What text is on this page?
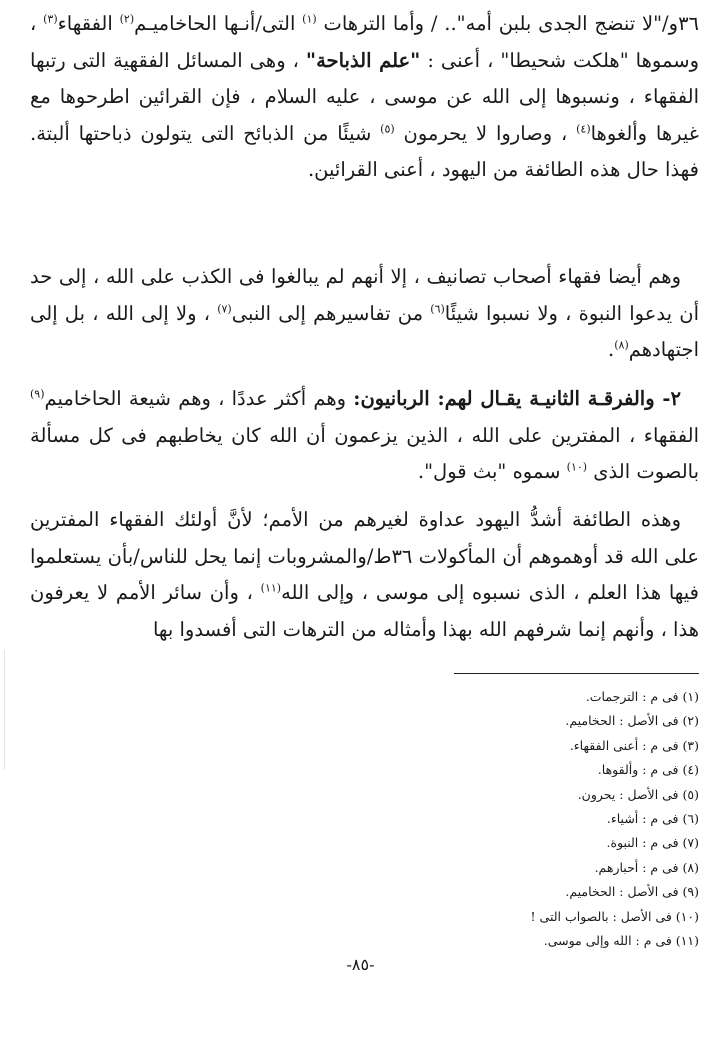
٣٦و/"لا تنضج الجدى بلبن أمه".. / وأما الترهات $^{(١)}$ التى/أنـها الحاخاميـم$^{(٢)}$ الفقهاء$^{(٣)}$ ، وسموها "هلكت شحيطا" ، أعنى : "علم الذباحة" ، وهى المسائل الفقهية التى رتبها الفقهاء ، ونسبوها إلى الله عن موسى ، عليه السلام ، فإن القرائين اطرحوها مع غيرها وألغوها$^{(٤)}$ ، وصاروا لا يحرمون $^{(٥)}$ شيئًا من الذبائح التى يتولون ذباحتها ألبتة. فهذا حال هذه الطائفة من اليهود ، أعنى القرائين.

وهم أيضا فقهاء أصحاب تصانيف ، إلا أنهم لم يبالغوا فى الكذب على الله ، إلى حد أن يدعوا النبوة ، ولا نسبوا شيئًا$^{(٦)}$ من تفاسيرهم إلى النبى$^{(٧)}$ ، ولا إلى الله ، بل إلى اجتهادهم$^{(٨)}$.

٢- والفرقـة الثانيـة يقـال لهم: الربانيون: وهم أكثر عددًا ، وهم شيعة الحاخاميم$^{(٩)}$ الفقهاء ، المفترين على الله ، الذين يزعمون أن الله كان يخاطبهم فى كل مسألة بالصوت الذى $^{(١٠)}$ سموه "بث قول".

وهذه الطائفة أشدُّ اليهود عداوة لغيرهم من الأمم؛ لأنَّ أولئك الفقهاء المفترين على الله قد أوهموهم أن المأكولات ٣٦ط/والمشروبات إنما يحل للناس/بأن يستعلموا فيها هذا العلم ، الذى نسبوه إلى موسى ، وإلى الله$^{(١١)}$ ، وأن سائر الأمم لا يعرفون هذا ، وأنهم إنما شرفهم الله بهذا وأمثاله من الترهات التى أفسدوا بها

(١) فى م : الترجمات.
(٢) فى الأصل : الحخاميم.
(٣) فى م : أعنى الفقهاء.
(٤) فى م : وألقوها.
(٥) فى الأصل : يحرون.
(٦) فى م : أشياء.
(٧) فى م : النبوة.
(٨) فى م : أحبارهم.
(٩) فى الأصل : الحخاميم.
(١٠) فى الأصل : بالصواب التى !
(١١) فى م : الله وإلى موسى.
-٨٥-
